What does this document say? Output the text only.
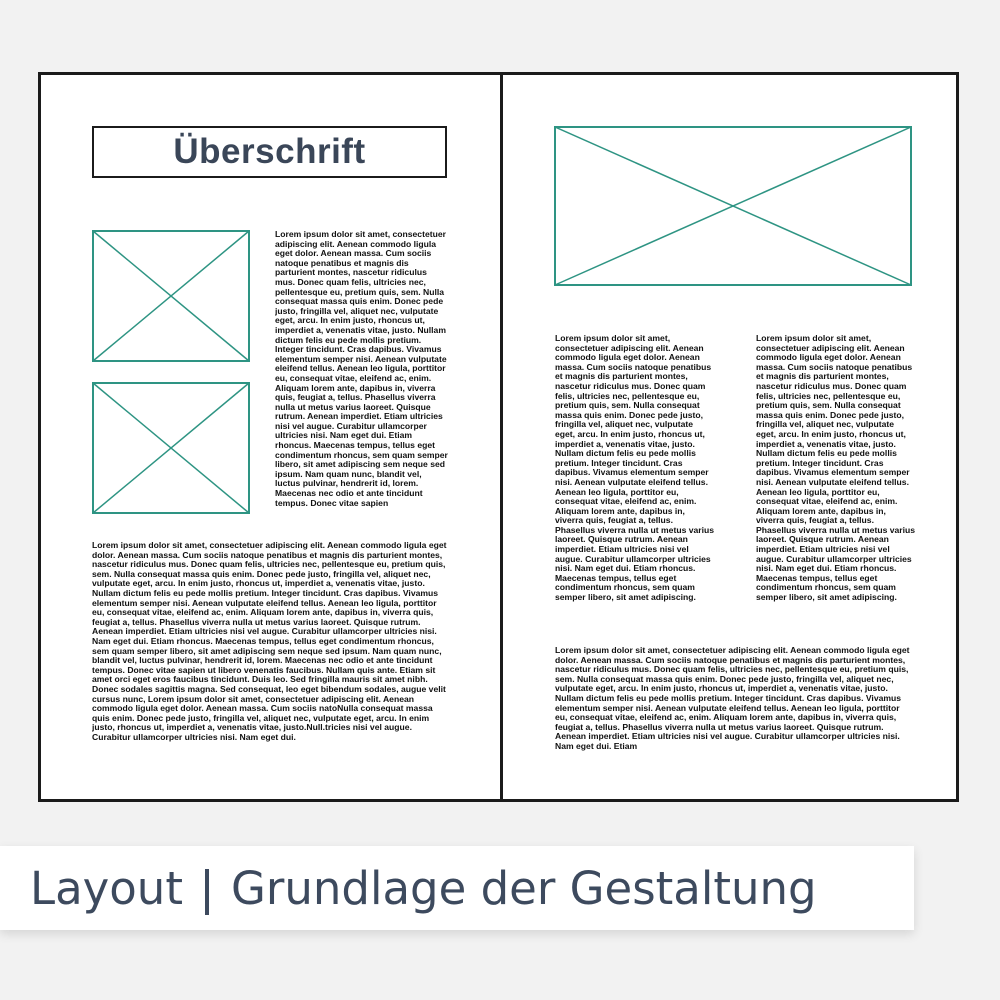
Überschrift

Lorem ipsum dolor sit amet, consectetuer adipiscing elit. Aenean commodo ligula eget dolor. Aenean massa. Cum sociis natoque penatibus et magnis dis parturient montes, nascetur ridiculus mus. Donec quam felis, ultricies nec, pellentesque eu, pretium quis, sem. Nulla consequat massa quis enim. Donec pede justo, fringilla vel, aliquet nec, vulputate eget, arcu. In enim justo, rhoncus ut, imperdiet a, venenatis vitae, justo. Nullam dictum felis eu pede mollis pretium. Integer tincidunt. Cras dapibus. Vivamus elementum semper nisi. Aenean vulputate eleifend tellus. Aenean leo ligula, porttitor eu, consequat vitae, eleifend ac, enim. Aliquam lorem ante, dapibus in, viverra quis, feugiat a, tellus. Phasellus viverra nulla ut metus varius laoreet. Quisque rutrum. Aenean imperdiet. Etiam ultricies nisi vel augue. Curabitur ullamcorper ultricies nisi. Nam eget dui. Etiam rhoncus. Maecenas tempus, tellus eget condimentum rhoncus, sem quam semper libero, sit amet adipiscing sem neque sed ipsum. Nam quam nunc, blandit vel, luctus pulvinar, hendrerit id, lorem. Maecenas nec odio et ante tincidunt tempus. Donec vitae sapien

Lorem ipsum dolor sit amet, consectetuer adipiscing elit. Aenean commodo ligula eget dolor. Aenean massa. Cum sociis natoque penatibus et magnis dis parturient montes, nascetur ridiculus mus. Donec quam felis, ultricies nec, pellentesque eu, pretium quis, sem. Nulla consequat massa quis enim. Donec pede justo, fringilla vel, aliquet nec, vulputate eget, arcu. In enim justo, rhoncus ut, imperdiet a, venenatis vitae, justo. Nullam dictum felis eu pede mollis pretium. Integer tincidunt. Cras dapibus. Vivamus elementum semper nisi. Aenean vulputate eleifend tellus. Aenean leo ligula, porttitor eu, consequat vitae, eleifend ac, enim. Aliquam lorem ante, dapibus in, viverra quis, feugiat a, tellus. Phasellus viverra nulla ut metus varius laoreet. Quisque rutrum. Aenean imperdiet. Etiam ultricies nisi vel augue. Curabitur ullamcorper ultricies nisi. Nam eget dui. Etiam rhoncus. Maecenas tempus, tellus eget condimentum rhoncus, sem quam semper libero, sit amet adipiscing sem neque sed ipsum. Nam quam nunc, blandit vel, luctus pulvinar, hendrerit id, lorem. Maecenas nec odio et ante tincidunt tempus. Donec vitae sapien ut libero venenatis faucibus. Nullam quis ante. Etiam sit amet orci eget eros faucibus tincidunt. Duis leo. Sed fringilla mauris sit amet nibh. Donec sodales sagittis magna. Sed consequat, leo eget bibendum sodales, augue velit cursus nunc, Lorem ipsum dolor sit amet, consectetuer adipiscing elit. Aenean commodo ligula eget dolor. Aenean massa. Cum sociis natoNulla consequat massa quis enim. Donec pede justo, fringilla vel, aliquet nec, vulputate eget, arcu. In enim justo, rhoncus ut, imperdiet a, venenatis vitae, justo.Null.tricies nisi vel augue. Curabitur ullamcorper ultricies nisi. Nam eget dui.

Lorem ipsum dolor sit amet, consectetuer adipiscing elit. Aenean commodo ligula eget dolor. Aenean massa. Cum sociis natoque penatibus et magnis dis parturient montes, nascetur ridiculus mus. Donec quam felis, ultricies nec, pellentesque eu, pretium quis, sem. Nulla consequat massa quis enim. Donec pede justo, fringilla vel, aliquet nec, vulputate eget, arcu. In enim justo, rhoncus ut, imperdiet a, venenatis vitae, justo. Nullam dictum felis eu pede mollis pretium. Integer tincidunt. Cras dapibus. Vivamus elementum semper nisi. Aenean vulputate eleifend tellus. Aenean leo ligula, porttitor eu, consequat vitae, eleifend ac, enim. Aliquam lorem ante, dapibus in, viverra quis, feugiat a, tellus. Phasellus viverra nulla ut metus varius laoreet. Quisque rutrum. Aenean imperdiet. Etiam ultricies nisi vel augue. Curabitur ullamcorper ultricies nisi. Nam eget dui. Etiam rhoncus. Maecenas tempus, tellus eget condimentum rhoncus, sem quam semper libero, sit amet adipiscing.

Lorem ipsum dolor sit amet, consectetuer adipiscing elit. Aenean commodo ligula eget dolor. Aenean massa. Cum sociis natoque penatibus et magnis dis parturient montes, nascetur ridiculus mus. Donec quam felis, ultricies nec, pellentesque eu, pretium quis, sem. Nulla consequat massa quis enim. Donec pede justo, fringilla vel, aliquet nec, vulputate eget, arcu. In enim justo, rhoncus ut, imperdiet a, venenatis vitae, justo. Nullam dictum felis eu pede mollis pretium. Integer tincidunt. Cras dapibus. Vivamus elementum semper nisi. Aenean vulputate eleifend tellus. Aenean leo ligula, porttitor eu, consequat vitae, eleifend ac, enim. Aliquam lorem ante, dapibus in, viverra quis, feugiat a, tellus. Phasellus viverra nulla ut metus varius laoreet. Quisque rutrum. Aenean imperdiet. Etiam ultricies nisi vel augue. Curabitur ullamcorper ultricies nisi. Nam eget dui. Etiam rhoncus. Maecenas tempus, tellus eget condimentum rhoncus, sem quam semper libero, sit amet adipiscing.

Lorem ipsum dolor sit amet, consectetuer adipiscing elit. Aenean commodo ligula eget dolor. Aenean massa. Cum sociis natoque penatibus et magnis dis parturient montes, nascetur ridiculus mus. Donec quam felis, ultricies nec, pellentesque eu, pretium quis, sem. Nulla consequat massa quis enim. Donec pede justo, fringilla vel, aliquet nec, vulputate eget, arcu. In enim justo, rhoncus ut, imperdiet a, venenatis vitae, justo. Nullam dictum felis eu pede mollis pretium. Integer tincidunt. Cras dapibus. Vivamus elementum semper nisi. Aenean vulputate eleifend tellus. Aenean leo ligula, porttitor eu, consequat vitae, eleifend ac, enim. Aliquam lorem ante, dapibus in, viverra quis, feugiat a, tellus. Phasellus viverra nulla ut metus varius laoreet. Quisque rutrum. Aenean imperdiet. Etiam ultricies nisi vel augue. Curabitur ullamcorper ultricies nisi. Nam eget dui. Etiam

Layout Grundlage der Gestaltung
